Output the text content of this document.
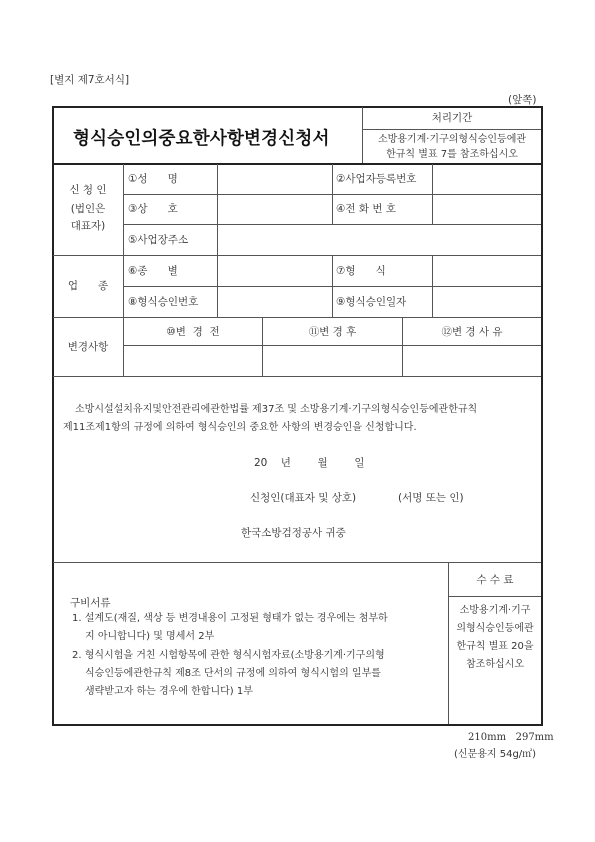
[별지 제7호서식]
(앞쪽)
형식승인의중요한사항변경신청서
처리기간
소방용기계·기구의형식승인등에관
한규칙 별표 7를 참조하십시오
신 청 인
(법인은
대표자)
①성      명	②사업자등록번호
③상      호	④전 화 번 호
⑤사업장주소
업      종
⑥종      별	⑦형      식
⑧형식승인번호	⑨형식승인일자
변경사항
⑩변  경  전	⑪변 경 후	⑫변 경 사 유
소방시설설치유지및안전관리에관한법률 제37조 및 소방용기계·기구의형식승인등에관한규칙
제11조제1항의 규정에 의하여 형식승인의 중요한 사항의 변경승인을 신청합니다.
20    년        월        일
신청인(대표자 및 상호)	(서명 또는 인)
한국소방검정공사 귀중
구비서류
1. 설계도(재질, 색상 등 변경내용이 고정된 형태가 없는 경우에는 첨부하
지 아니합니다) 및 명세서 2부
2. 형식시험을 거친 시험항목에 관한 형식시험자료(소방용기계·기구의형
식승인등에관한규칙 제8조 단서의 규정에 의하여 형식시험의 일부를
생략받고자 하는 경우에 한합니다) 1부
수 수 료
소방용기계·기구
의형식승인등에관
한규칙 별표 20을
참조하십시오
210mm   297mm
(신문용지 54g/㎡)
